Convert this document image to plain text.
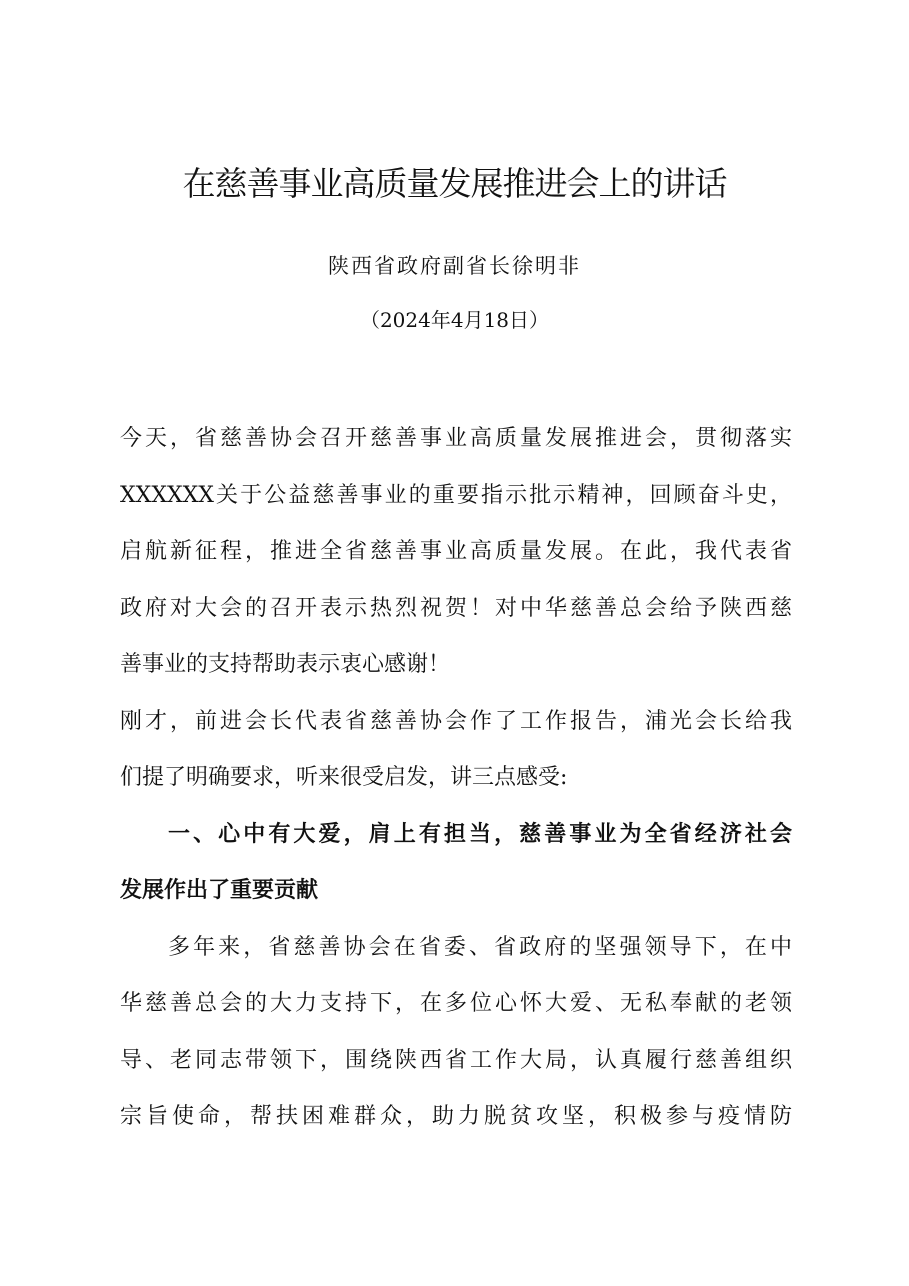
在慈善事业高质量发展推进会上的讲话
陕西省政府副省长徐明非
（2024年4月18日）
今天，省慈善协会召开慈善事业高质量发展推进会，贯彻落实
XXXXXX关于公益慈善事业的重要指示批示精神，回顾奋斗史，
启航新征程，推进全省慈善事业高质量发展。在此，我代表省
政府对大会的召开表示热烈祝贺！对中华慈善总会给予陕西慈
善事业的支持帮助表示衷心感谢！
刚才，前进会长代表省慈善协会作了工作报告，浦光会长给我
们提了明确要求，听来很受启发，讲三点感受:
一、心中有大爱，肩上有担当，慈善事业为全省经济社会
发展作出了重要贡献
多年来，省慈善协会在省委、省政府的坚强领导下，在中
华慈善总会的大力支持下，在多位心怀大爱、无私奉献的老领
导、老同志带领下，围绕陕西省工作大局，认真履行慈善组织
宗旨使命，帮扶困难群众，助力脱贫攻坚，积极参与疫情防
